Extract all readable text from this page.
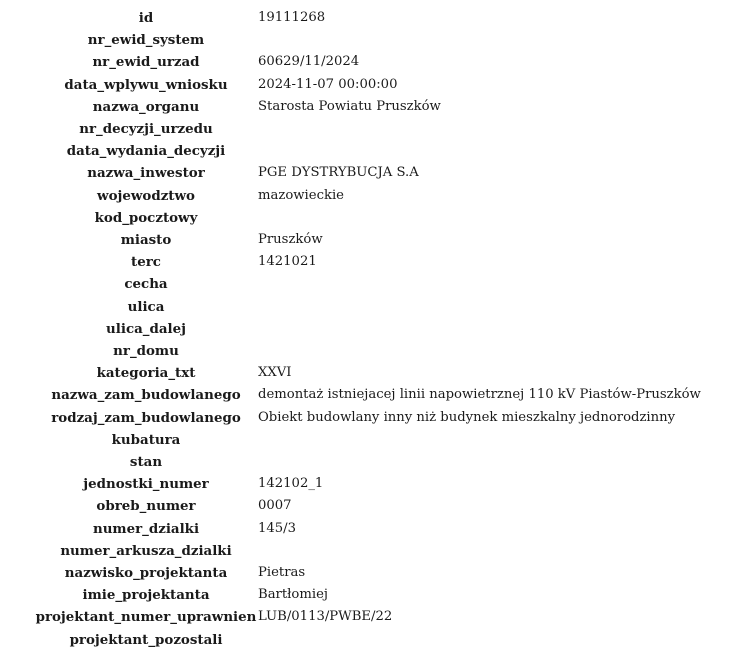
id	19111268
nr_ewid_system	
nr_ewid_urzad	60629/11/2024
data_wplywu_wniosku	2024-11-07 00:00:00
nazwa_organu	Starosta Powiatu Pruszków
nr_decyzji_urzedu	
data_wydania_decyzji	
nazwa_inwestor	PGE DYSTRYBUCJA S.A
wojewodztwo	mazowieckie
kod_pocztowy	
miasto	Pruszków
terc	1421021
cecha	
ulica	
ulica_dalej	
nr_domu	
kategoria_txt	XXVI
nazwa_zam_budowlanego	demontaż istniejacej linii napowietrznej 110 kV Piastów-Pruszków
rodzaj_zam_budowlanego	Obiekt budowlany inny niż budynek mieszkalny jednorodzinny
kubatura	
stan	
jednostki_numer	142102_1
obreb_numer	0007
numer_dzialki	145/3
numer_arkusza_dzialki	
nazwisko_projektanta	Pietras
imie_projektanta	Bartłomiej
projektant_numer_uprawnien	LUB/0113/PWBE/22
projektant_pozostali	
